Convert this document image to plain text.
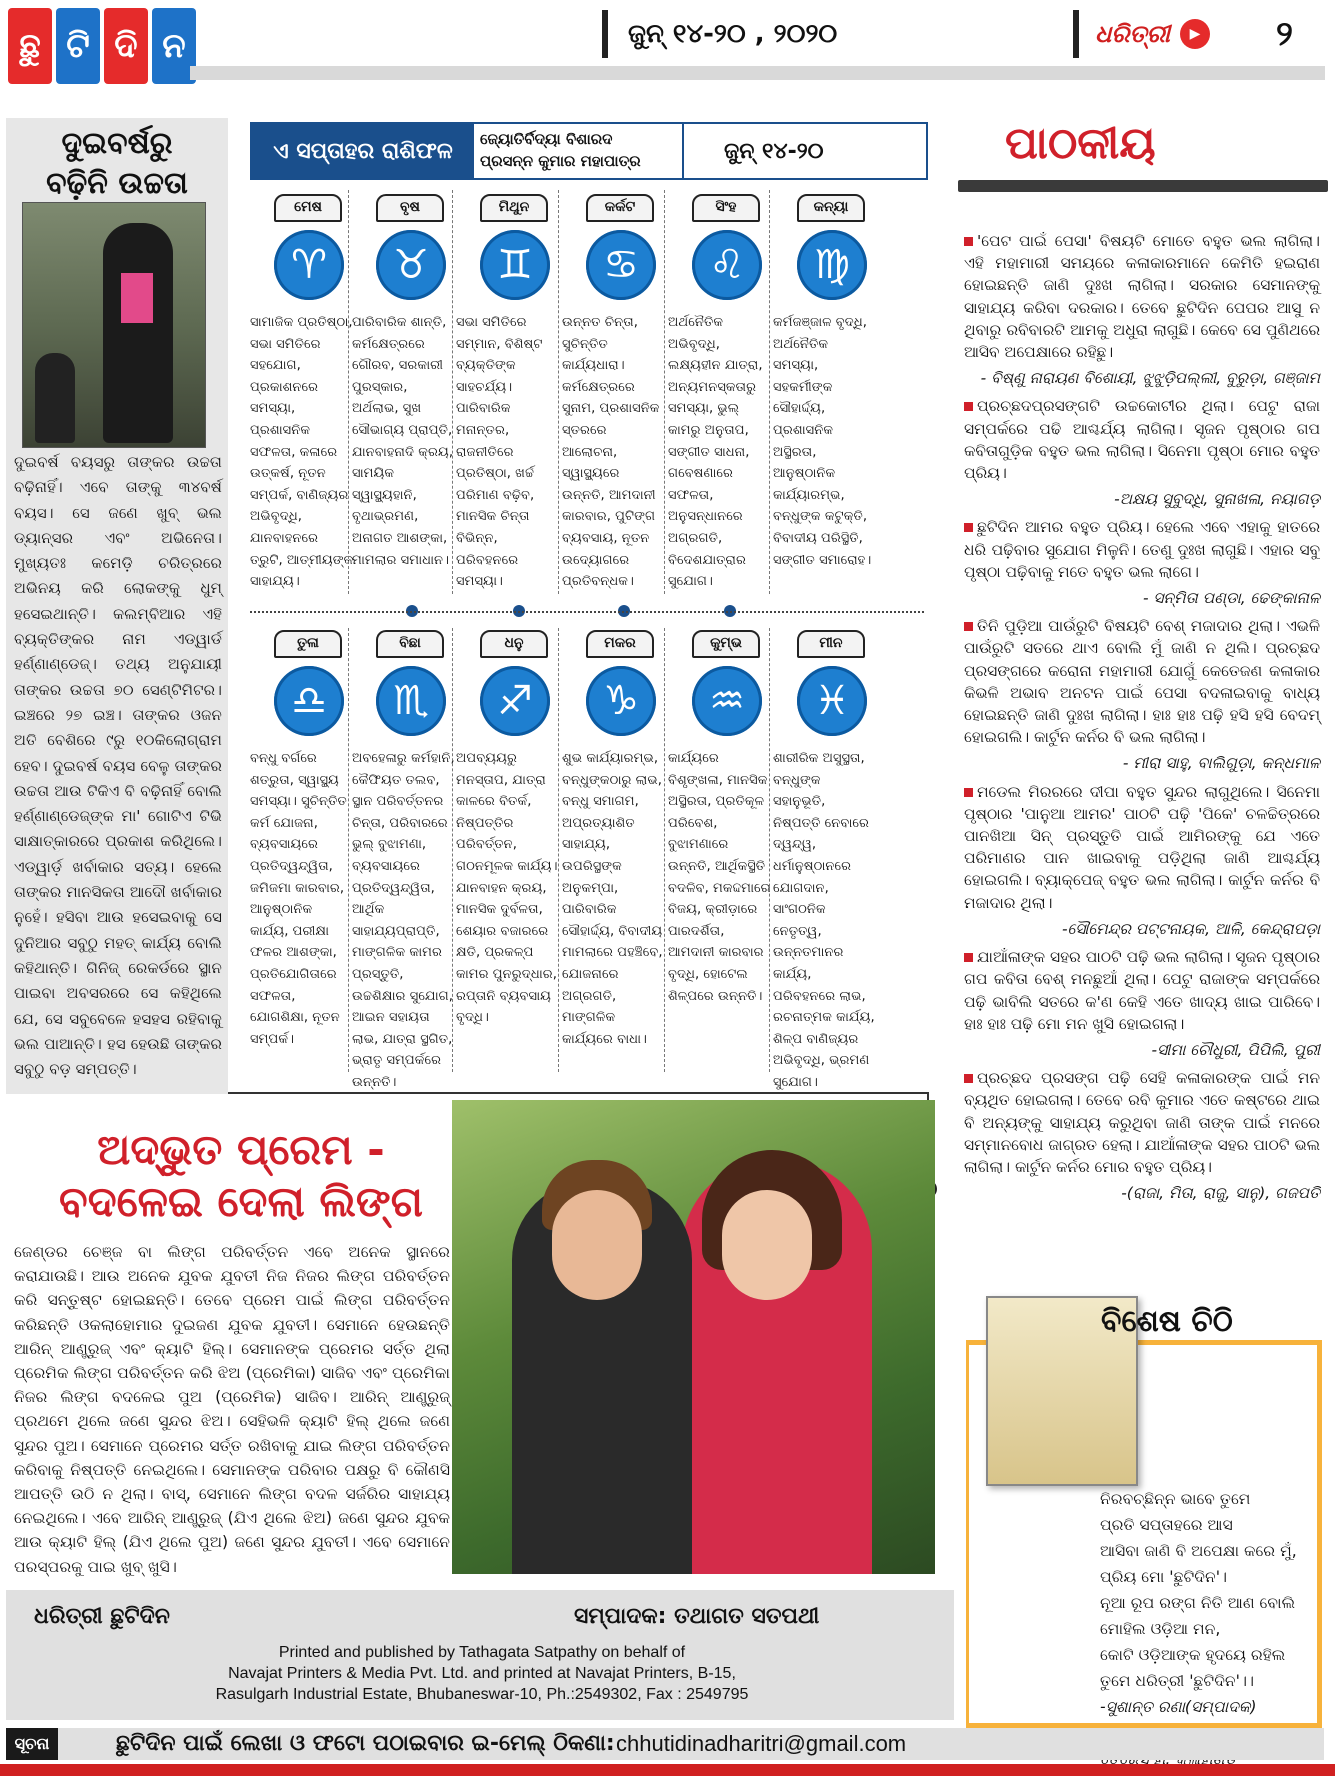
ଛୁ ଟି ଦି ନ	ଜୁନ୍ ୧୪-୨୦ , ୨୦୨୦	ଧରିତ୍ରୀ	▶ ୨
ଦୁଇବର୍ଷରୁ
ବଢ଼ିନି ଉଚ୍ଚତା
ଦୁଇବର୍ଷ ବୟସରୁ ତାଙ୍କର ଉଚ୍ଚତା ବଢ଼ିନାହିଁ। ଏବେ ତାଙ୍କୁ ୩୪ବର୍ଷ ବୟସ। ସେ ଜଣେ ଖୁବ୍ ଭଲ ଡ୍ୟାନ୍ସର ଏବଂ ଅଭିନେତା। ମୁଖ୍ୟତଃ କମେଡ଼ି ଚରିତ୍ରରେ ଅଭିନୟ କରି ଲୋକଙ୍କୁ ଧୁମ୍ ହସେଇଥାନ୍ତି। କଲମ୍ବିଆର ଏହି ବ୍ୟକ୍ତିଙ୍କର ନାମ ଏଡ୍‌ୱାର୍ଡ ହର୍ଣ୍ଣାଣ୍ଡେଜ୍। ତଥ୍ୟ ଅନୁଯାୟୀ ତାଙ୍କର ଉଚ୍ଚତା ୭୦ ସେଣ୍ଟିମିଟର। ଇଞ୍ଚରେ ୨୭ ଇଞ୍ଚ। ତାଙ୍କର ଓଜନ ଅତି ବେଶିରେ ୯ରୁ ୧୦କିଲୋଗ୍ରାମ ହେବ। ଦୁଇବର୍ଷ ବୟସ ବେଳୁ ତାଙ୍କର ଉଚ୍ଚତା ଆଉ ଟିକିଏ ବି ବଢ଼ିନାହିଁ ବୋଲି ହର୍ଣ୍ଣାଣ୍ଡେଜ୍‌ଙ୍କ ମା' ଗୋଟିଏ ଟିଭି ସାକ୍ଷାତ୍‌କାରରେ ପ୍ରକାଶ କରିଥିଲେ। ଏଡ୍‌ୱାର୍ଡ଼ ଖର୍ବାକାର ସତ୍ୟ। ହେଲେ ତାଙ୍କର ମାନସିକତା ଆଦୌ ଖର୍ବାକାର ନୁହେଁ। ହସିବା ଆଉ ହସେଇବାକୁ ସେ ଦୁନିଆର ସବୁଠୁ ମହତ୍ କାର୍ଯ୍ୟ ବୋଲି କହିଥାନ୍ତି। ଗିନିଜ୍ ରେକର୍ଡରେ ସ୍ଥାନ ପାଇବା ଅବସରରେ ସେ କହିଥିଲେ ଯେ, ସେ ସବୁବେଳେ ହସହସ ରହିବାକୁ ଭଲ ପାଆନ୍ତି। ହସ ହେଉଛି ତାଙ୍କର ସବୁଠୁ ବଡ଼ ସମ୍ପତ୍ତି।
ଏ ସପ୍ତାହର ରାଶିଫଳ	ଜ୍ୟୋତିର୍ବିଦ୍ୟା ବିଶାରଦ
ପ୍ରସନ୍ନ କୁମାର ମହାପାତ୍ର	ଜୁନ୍ ୧୪-୨୦
ମେଷ
♈
ସାମାଜିକ ପ୍ରତିଷ୍ଠା, ସଭା ସମିତିରେ ସହଯୋଗ, ପ୍ରକାଶନରେ ସମସ୍ୟା, ପ୍ରଶାସନିକ ସଫଳତା, କଳାରେ ଉତ୍କର୍ଷ, ନୂତନ ସମ୍ପର୍କ, ବାଣିଜ୍ୟର ଅଭିବୃଦ୍ଧି, ଯାନବାହନରେ ତ୍ରୁଟି, ଆତ୍ମୀୟଙ୍କ ସାହାଯ୍ୟ।
ବୃଷ
♉
ପାରିବାରିକ ଶାନ୍ତି, କର୍ମକ୍ଷେତ୍ରରେ ଗୌରବ, ସରକାରୀ ପୁରସ୍କାର, ଅର୍ଥଲାଭ, ସୁଖ ସୌଭାଗ୍ୟ ପ୍ରାପ୍ତି, ଯାନବାହନାଦି କ୍ରୟ, ସାମୟିକ ସ୍ୱାସ୍ଥ୍ୟହାନି, ବୃଥାଭ୍ରମଣ, ଅନାଗତ ଆଶଙ୍କା, ମାମଲାର ସମାଧାନ।
ମିଥୁନ
♊
ସଭା ସମିତିରେ ସମ୍ମାନ, ବିଶିଷ୍ଟ ବ୍ୟକ୍ତିଙ୍କ ସାହଚର୍ଯ୍ୟ। ପାରିବାରିକ ମନାନ୍ତର, ରାଜନୀତିରେ ପ୍ରତିଷ୍ଠା, ଖର୍ଚ୍ଚ ପରିମାଣ ବଢ଼ିବ, ମାନସିକ ଚିନ୍ତା ବିଭିନ୍ନ, ପରିବହନରେ ସମସ୍ୟା।
କର୍କଟ
♋
ଉନ୍ନତ ଚିନ୍ତା, ସୁଚିନ୍ତିତ କାର୍ଯ୍ୟଧାରା। କର୍ମକ୍ଷେତ୍ରରେ ସୁନାମ, ପ୍ରଶାସନିକ ସ୍ତରରେ ଆଲୋଚନା, ସ୍ୱାସ୍ଥ୍ୟରେ ଉନ୍ନତି, ଆମଦାନୀ କାରବାର, ପୁଟିଙ୍ଗ ବ୍ୟବସାୟ, ନୂତନ ଉଦ୍ୟୋଗରେ ପ୍ରତିବନ୍ଧକ।
ସିଂହ
♌
ଅର୍ଥନୈତିକ ଅଭିବୃଦ୍ଧି, ଲକ୍ଷ୍ୟହୀନ ଯାତ୍ରା, ଅନ୍ୟମନସ୍କତାରୁ ସମସ୍ୟା, ଭୁଲ୍ କାମରୁ ଅନୁତାପ, ସଙ୍ଗୀତ ସାଧନା, ଗବେଷଣାରେ ସଫଳତା, ଅନୁସନ୍ଧାନରେ ଅଗ୍ରଗତି, ବିଦେଶଯାତ୍ରାର ସୁଯୋଗ।
କନ୍ୟା
♍
କର୍ମଜଞ୍ଜାଳ ବୃଦ୍ଧି, ଅର୍ଥନୈତିକ ସମସ୍ୟା, ସହକର୍ମୀଙ୍କ ସୌହାର୍ଦ୍ଦ୍ୟ, ପ୍ରଶାସନିକ ଅସ୍ଥିରତା, ଆନୁଷ୍ଠାନିକ କାର୍ଯ୍ୟାରମ୍ଭ, ବନ୍ଧୁଙ୍କ କଟୁକ୍ତି, ବିବାଦୀୟ ପରିସ୍ଥିତି, ସଙ୍ଗୀତ ସମାରୋହ।
ତୁଳା
♎
ବନ୍ଧୁ ବର୍ଗରେ ଶତ୍ରୁତା, ସ୍ୱାସ୍ଥ୍ୟ ସମସ୍ୟା। ସୁଚିନ୍ତିତ କର୍ମ ଯୋଜନା, ବ୍ୟବସାୟରେ ପ୍ରତିଦ୍ୱନ୍ଦ୍ୱିତା, ଜମିଜମା କାରବାର, ଆନୁଷ୍ଠାନିକ କାର୍ଯ୍ୟ, ପରୀକ୍ଷା ଫଳର ଆଶଙ୍କା, ପ୍ରତିଯୋଗିତାରେ ସଫଳତା, ଯୋଗଶିକ୍ଷା, ନୂତନ ସମ୍ପର୍କ।
ବିଛା
♏
ଅବହେଳାରୁ କର୍ମହାନି, କୈଫିୟତ ତଲବ, ସ୍ଥାନ ପରିବର୍ତ୍ତନର ଚିନ୍ତା, ପରିବାରରେ ଭୁଲ୍ ବୁଝାମଣା, ବ୍ୟବସାୟରେ ପ୍ରତିଦ୍ୱନ୍ଦ୍ୱିତା, ଆର୍ଥିକ ସାହାଯ୍ୟପ୍ରାପ୍ତି, ମାଙ୍ଗଳିକ କାମର ପ୍ରସ୍ତୁତି, ଉଚ୍ଚଶିକ୍ଷାର ସୁଯୋଗ, ଆଇନ ସହାୟତା ଲାଭ, ଯାତ୍ରା ସ୍ଥଗିତ, ଭ୍ରାତୃ ସମ୍ପର୍କରେ ଉନ୍ନତି।
ଧନୁ
♐
ଅପବ୍ୟୟରୁ ମନସ୍ତାପ, ଯାତ୍ରା କାଳରେ ବିତର୍କ, ନିଷ୍ପତ୍ତିର ପରିବର୍ତ୍ତନ, ଗଠନମୂଳକ କାର୍ଯ୍ୟ। ଯାନବାହନ କ୍ରୟ, ମାନସିକ ଦୁର୍ବଳତା, ଶେୟାର ବଜାରରେ କ୍ଷତି, ପ୍ରକଳ୍ପ କାମର ପୁନରୁଦ୍ଧାର, ରପ୍ତାନି ବ୍ୟବସାୟ ବୃଦ୍ଧି।
ମକର
♑
ଶୁଭ କାର୍ଯ୍ୟାରମ୍ଭ, ବନ୍ଧୁଙ୍କଠାରୁ ଲାଭ, ବନ୍ଧୁ ସମାଗମ, ଅପ୍ରତ୍ୟାଶିତ ସାହାଯ୍ୟ, ଉପରିସ୍ଥଙ୍କ ଅନୁକମ୍ପା, ପାରିବାରିକ ସୌହାର୍ଦ୍ଦ୍ୟ, ବିବାଦୀୟ ମାମଲାରେ ପହଞ୍ଚିବେ, ଯୋଜନାରେ ଅଗ୍ରଗତି, ମାଙ୍ଗଳିକ କାର୍ଯ୍ୟରେ ବାଧା।
କୁମ୍ଭ
♒
କାର୍ଯ୍ୟରେ ବିଶୃଙ୍ଖଳା, ମାନସିକ ଅସ୍ଥିରତା, ପ୍ରତିକୂଳ ପରିବେଶ, ବୁଝାମଣାରେ ଉନ୍ନତି, ଆର୍ଥିକସ୍ଥିତି ବଦଳିବ, ମକଦ୍ଦମାରେ ବିଜୟ, କ୍ରୀଡ଼ାରେ ପାରଦର୍ଶିତା, ଆମଦାନୀ କାରବାର ବୃଦ୍ଧି, ହୋଟେଲ ଶିଳ୍ପରେ ଉନ୍ନତି।
ମୀନ
♓
ଶାରୀରିକ ଅସୁସ୍ଥତା, ବନ୍ଧୁଙ୍କ ସହାନୁଭୂତି, ନିଷ୍ପତ୍ତି ନେବାରେ ଦ୍ୱନ୍ଦ୍ୱ, ଧର୍ମାନୁଷ୍ଠାନରେ ଯୋଗଦାନ, ସାଂଗଠନିକ ନେତୃତ୍ୱ, ଉନ୍ନତମାନର କାର୍ଯ୍ୟ, ପରିବହନରେ ଲାଭ, ରଚନାତ୍ମକ କାର୍ଯ୍ୟ, ଶିଳ୍ପ ବାଣିଜ୍ୟର ଅଭିବୃଦ୍ଧି, ଭ୍ରମଣ ସୁଯୋଗ।
ପାଠକୀୟ

'ପେଟ ପାଇଁ ପେସା' ବିଷୟଟି ମୋତେ ବହୁତ ଭଲ ଲାଗିଲା। ଏହି ମହାମାରୀ ସମୟରେ କଳାକାରମାନେ କେମିତି ହଇରାଣ ହୋଇଛନ୍ତି ଜାଣି ଦୁଃଖ ଲାଗିଲା। ସରକାର ସେମାନଙ୍କୁ ସାହାଯ୍ୟ କରିବା ଦରକାର। ତେବେ ଛୁଟିଦିନ ପେପର ଆସୁ ନ ଥିବାରୁ ରବିବାରଟି ଆମକୁ ଅଧୁରା ଲାଗୁଛି। କେବେ ସେ ପୁଣିଥରେ ଆସିବ ଅପେକ୍ଷାରେ ରହିଛୁ।

- ବିଷ୍ଣୁ ନାରାୟଣ ବିଶୋୟୀ, ଝୁଝୁଡ଼ିପଲ୍ଲୀ, ବୁରୁଡ଼ା, ଗଞ୍ଜାମ

ପ୍ରଚ୍ଛଦପ୍ରସଙ୍ଗଟି ଉଚ୍ଚକୋଟୀର ଥିଲା। ପେଟୁ ରାଜା ସମ୍ପର୍କରେ ପଢି ଆଶ୍ଚର୍ଯ୍ୟ ଲାଗିଲା। ସୃଜନ ପୃଷ୍ଠାର ଗପ କବିତାଗୁଡ଼ିକ ବହୁତ ଭଲ ଲାଗିଲା। ସିନେମା ପୃଷ୍ଠା ମୋର ବହୁତ ପ୍ରିୟ।

-ଅକ୍ଷୟ ସୁବୁଦ୍ଧି, ସୁନାଖଳା, ନୟାଗଡ଼

ଛୁଟିଦିନ ଆମର ବହୁତ ପ୍ରିୟ। ହେଲେ ଏବେ ଏହାକୁ ହାତରେ ଧରି ପଢ଼ିବାର ସୁଯୋଗ ମିଳୁନି। ତେଣୁ ଦୁଃଖ ଲାଗୁଛି। ଏହାର ସବୁ ପୃଷ୍ଠା ପଢ଼ିବାକୁ ମତେ ବହୁତ ଭଲ ଲାଗେ।

- ସନ୍ମିତା ପଣ୍ଡା, ଢେଙ୍କାନାଳ

ତିନି ପୁଡ଼ିଆ ପାଉଁରୁଟି ବିଷୟଟି ବେଶ୍ ମଜାଦାର ଥିଲା। ଏଭଳି ପାଉଁରୁଟି ସତରେ ଥାଏ ବୋଲି ମୁଁ ଜାଣି ନ ଥିଲି। ପ୍ରଚ୍ଛଦ ପ୍ରସଙ୍ଗରେ କରୋନା ମହାମାରୀ ଯୋଗୁଁ କେତେଜଣ କଳାକାର କିଭଳି ଅଭାବ ଅନଟନ ପାଇଁ ପେସା ବଦଳାଇବାକୁ ବାଧ୍ୟ ହୋଇଛନ୍ତି ଜାଣି ଦୁଃଖ ଲାଗିଲା। ହାଃ ହାଃ ପଢ଼ି ହସି ହସି ବେଦମ୍ ହୋଇଗଲି। କାର୍ଟୁନ କର୍ନର ବି ଭଲ ଲାଗିଲା।

- ମୀରା ସାହୁ, ବାଲିଗୁଡ଼ା, କନ୍ଧମାଳ

ମଡେଲ ମିରରରେ ଦୀପା ବହୁତ ସୁନ୍ଦର ଲାଗୁଥିଲେ। ସିନେମା ପୃଷ୍ଠାର 'ପାନୁଆ ଆମର' ପାଠଟି ପଢ଼ି 'ପିକେ' ଚଳଚ୍ଚିତ୍ରରେ ପାନଖିଆ ସିନ୍ ପ୍ରସ୍ତୁତି ପାଇଁ ଆମିରଙ୍କୁ ଯେ ଏତେ ପରିମାଣର ପାନ ଖାଇବାକୁ ପଡ଼ିଥିଲା ଜାଣି ଆଶ୍ଚର୍ଯ୍ୟ ହୋଇଗଲି। ବ୍ୟାକ୍‌ପେଜ୍ ବହୁତ ଭଲ ଲାଗିଲା। କାର୍ଟୁନ କର୍ନର ବି ମଜାଦାର ଥିଲା।

-ସୌମେନ୍ଦ୍ର ପଟ୍ଟନାୟକ, ଆଳି, କେନ୍ଦ୍ରାପଡ଼ା

ଯାଆଁଳାଙ୍କ ସହର ପାଠଟି ପଢ଼ି ଭଲ ଲାଗିଲା। ସୃଜନ ପୃଷ୍ଠାର ଗପ କବିତା ବେଶ୍ ମନଛୁଆଁ ଥିଲା। ପେଟୁ ରାଜାଙ୍କ ସମ୍ପର୍କରେ ପଢ଼ି ଭାବିଲି ସତରେ କ'ଣ କେହି ଏତେ ଖାଦ୍ୟ ଖାଇ ପାରିବେ। ହାଃ ହାଃ ପଢ଼ି ମୋ ମନ ଖୁସି ହୋଇଗଲା।

-ସୀମା ଚୌଧୁରୀ, ପିପିଲି, ପୁରୀ

ପ୍ରଚ୍ଛଦ ପ୍ରସଙ୍ଗ ପଢ଼ି ସେହି କଳାକାରଙ୍କ ପାଇଁ ମନ ବ୍ୟଥିତ ହୋଇଗଲା। ତେବେ ରବି କୁମାର ଏତେ କଷ୍ଟରେ ଥାଇ ବି ଅନ୍ୟଙ୍କୁ ସାହାଯ୍ୟ କରୁଥିବା ଜାଣି ତାଙ୍କ ପାଇଁ ମନରେ ସମ୍ମାନବୋଧ ଜାଗ୍ରତ ହେଲା। ଯାଆଁଳାଙ୍କ ସହର ପାଠଟି ଭଲ ଲାଗିଲା। କାର୍ଟୁନ କର୍ନର ମୋର ବହୁତ ପ୍ରିୟ।

-(ରାଜା, ମିତା, ରାଜୁ, ସାନୁ), ଗଜପତି

ବିଶେଷ ଚିଠି
ନିରବଚ୍ଛିନ୍ନ ଭାବେ ତୁମେ
ପ୍ରତି ସପ୍ତାହରେ ଆସ
ଆସିବା ଜାଣି ବି ଅପେକ୍ଷା କରେ ମୁଁ,
ପ୍ରିୟ ମୋ 'ଛୁଟିଦିନ'।
ନୂଆ ରୂପ ରଙ୍ଗ ନିତି ଆଣ ବୋଲି
ମୋହିଲ ଓଡ଼ିଆ ମନ,
କୋଟି ଓଡ଼ିଆଙ୍କ ହୃଦୟେ ରହିଲ
ତୁମେ ଧରିତ୍ରୀ 'ଛୁଟିଦିନ'।।
-ସୁଶାନ୍ତ ରଣା(ସମ୍ପାଦକ)
ଅଦ୍ଭୁତ ପ୍ରେମ -
ବଦଳେଇ ଦେଲା ଲିଙ୍ଗ
ଜେଣ୍ଡର ଚେଞ୍ଜ ବା ଲିଙ୍ଗ ପରିବର୍ତ୍ତନ ଏବେ ଅନେକ ସ୍ଥାନରେ କରାଯାଉଛି। ଆଉ ଅନେକ ଯୁବକ ଯୁବତୀ ନିଜ ନିଜର ଲିଙ୍ଗ ପରିବର୍ତ୍ତନ କରି ସନ୍ତୁଷ୍ଟ ହୋଇଛନ୍ତି। ତେବେ ପ୍ରେମ ପାଇଁ ଲିଙ୍ଗ ପରିବର୍ତ୍ତନ କରିଛନ୍ତି ଓକଲାହୋମାର ଦୁଇଜଣ ଯୁବକ ଯୁବତୀ। ସେମାନେ ହେଉଛନ୍ତି ଆରିନ୍ ଆଣ୍ଡ୍ରୁଜ୍ ଏବଂ କ୍ୟାଟି ହିଲ୍। ସେମାନଙ୍କ ପ୍ରେମର ସର୍ତ୍ତ ଥିଲା ପ୍ରେମିକ ଲିଙ୍ଗ ପରିବର୍ତ୍ତନ କରି ଝିଅ (ପ୍ରେମିକା) ସାଜିବ ଏବଂ ପ୍ରେମିକା ନିଜର ଲିଙ୍ଗ ବଦଳେଇ ପୁଅ (ପ୍ରେମିକ) ସାଜିବ। ଆରିନ୍ ଆଣ୍ଡ୍ରୁଜ୍ ପ୍ରଥମେ ଥିଲେ ଜଣେ ସୁନ୍ଦର ଝିଅ। ସେହିଭଳି କ୍ୟାଟି ହିଲ୍ ଥିଲେ ଜଣେ ସୁନ୍ଦର ପୁଅ। ସେମାନେ ପ୍ରେମର ସର୍ତ୍ତ ରଖିବାକୁ ଯାଇ ଲିଙ୍ଗ ପରିବର୍ତ୍ତନ କରିବାକୁ ନିଷ୍ପତ୍ତି ନେଇଥିଲେ। ସେମାନଙ୍କ ପରିବାର ପକ୍ଷରୁ ବି କୌଣସି ଆପତ୍ତି ଉଠି ନ ଥିଲା। ବାସ୍, ସେମାନେ ଲିଙ୍ଗ ବଦଳ ସର୍ଜରିର ସାହାଯ୍ୟ ନେଇଥିଲେ। ଏବେ ଆରିନ୍ ଆଣ୍ଡ୍ରୁଜ୍ (ଯିଏ ଥିଲେ ଝିଅ) ଜଣେ ସୁନ୍ଦର ଯୁବକ ଆଉ କ୍ୟାଟି ହିଲ୍ (ଯିଏ ଥିଲେ ପୁଅ) ଜଣେ ସୁନ୍ଦର ଯୁବତୀ। ଏବେ ସେମାନେ ପରସ୍ପରକୁ ପାଇ ଖୁବ୍ ଖୁସି।
ଧରିତ୍ରୀ ଛୁଟିଦିନ	ସମ୍ପାଦକ: ତଥାଗତ ସତପଥୀ
Printed and published by Tathagata Satpathy on behalf of
Navajat Printers & Media Pvt. Ltd. and printed at Navajat Printers, B-15,
Rasulgarh Industrial Estate, Bhubaneswar-10, Ph.:2549302, Fax : 2549795
ସୂଚନା	ଛୁଟିଦିନ ପାଇଁ ଲେଖା ଓ ଫଟୋ ପଠାଇବାର ଇ-ମେଲ୍ ଠିକଣା: chhutidinadharitri@gmail.com
